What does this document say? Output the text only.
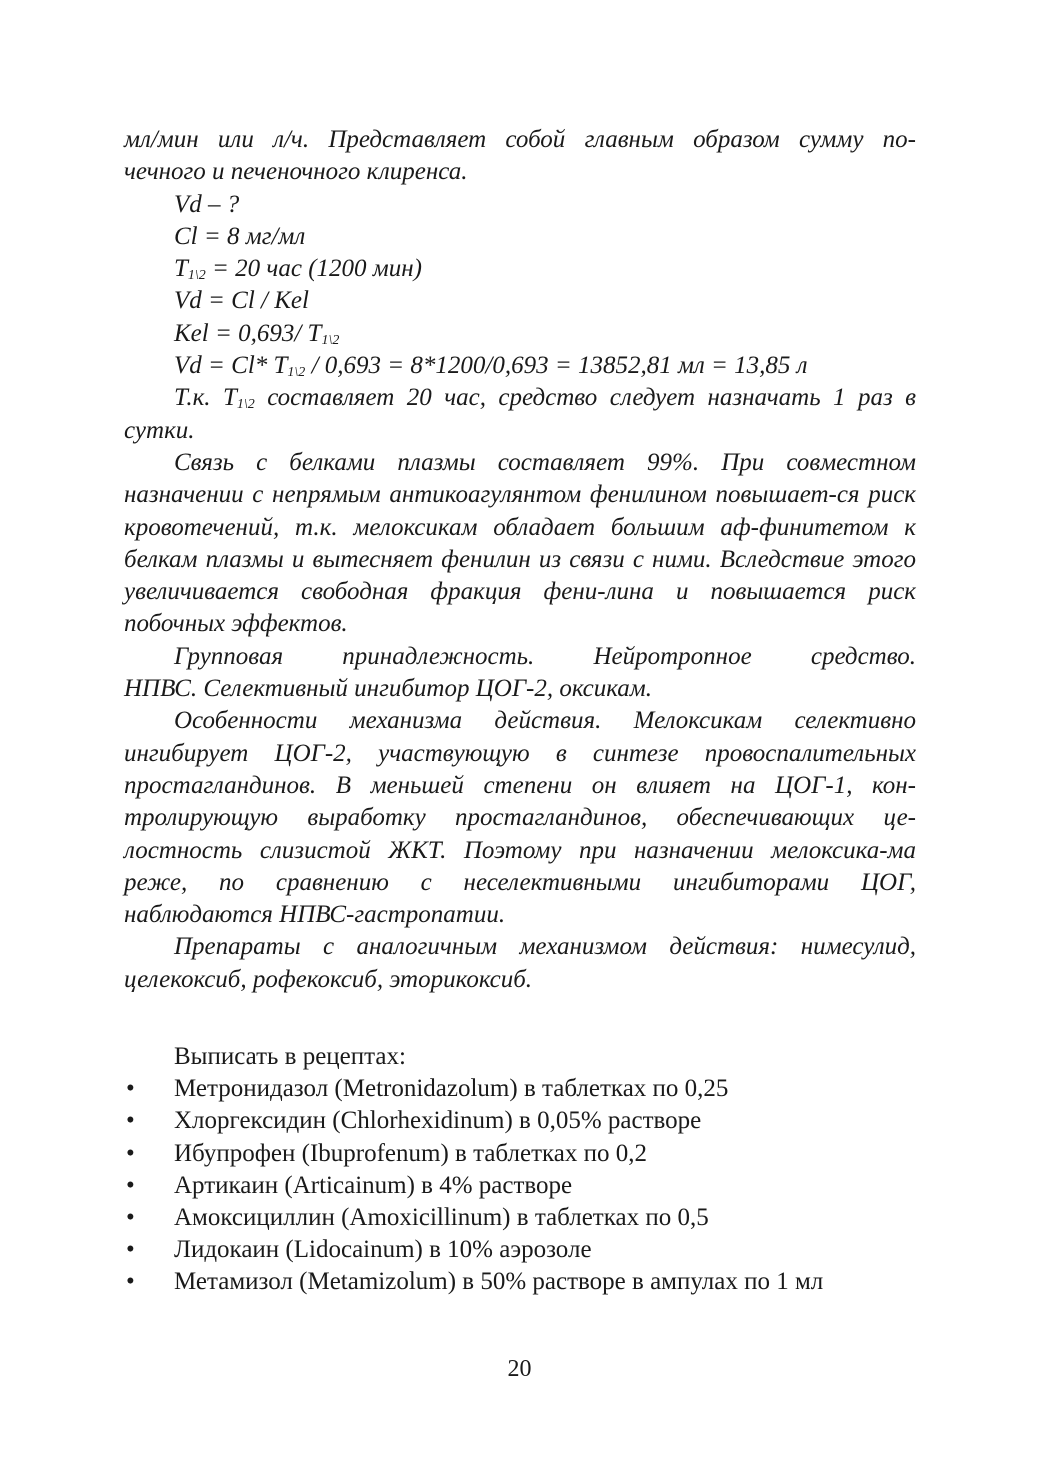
мл/мин или л/ч. Представляет собой главным образом сумму по-

чечного и печеночного клиренса.

Vd – ?

Cl = 8 мг/мл

$T_{1\backslash 2} = 20$ час (1200 мин)

Vd = Cl / Kel

Kel = 0,693/ $T_{1\backslash 2}$

Vd = Cl* $T_{1\backslash 2} / 0,693 = 8*1200/0,693 = 13852,81$ мл = 13,85 л

Т.к. $T_{1\backslash 2}$ составляет 20 час, средство следует назначать 1 раз в сутки.

Связь с белками плазмы составляет 99%. При совместном назначении с непрямым антикоагулянтом фенилином повышает-ся риск кровотечений, т.к. мелоксикам обладает большим аф-финитетом к белкам плазмы и вытесняет фенилин из связи с ними. Вследствие этого увеличивается свободная фракция фени-лина и повышается риск побочных эффектов.

Групповая принадлежность. Нейротропное средство.

НПВС. Селективный ингибитор ЦОГ-2, оксикам.

Особенности механизма действия. Мелоксикам селективно ингибирует ЦОГ-2, участвующую в синтезе провоспалительных простагландинов. В меньшей степени он влияет на ЦОГ-1, кон-тролирующую выработку простагландинов, обеспечивающих це-лостность слизистой ЖКТ. Поэтому при назначении мелоксика-ма реже, по сравнению с неселективными ингибиторами ЦОГ, наблюдаются НПВС-гастропатии.

Препараты с аналогичным механизмом действия: нимесулид, целекоксиб, рофекоксиб, эторикоксиб.

Выписать в рецептах:

• Метронидазол (Metronidazolum) в таблетках по 0,25
• Хлоргексидин (Chlorhexidinum) в 0,05% растворе
• Ибупрофен (Ibuprofenum) в таблетках по 0,2
• Артикаин (Articainum) в 4% растворе
• Амоксициллин (Amoxicillinum) в таблетках по 0,5
• Лидокаин (Lidocainum) в 10% аэрозоле
• Метамизол (Metamizolum) в 50% растворе в ампулах по 1 мл
20
